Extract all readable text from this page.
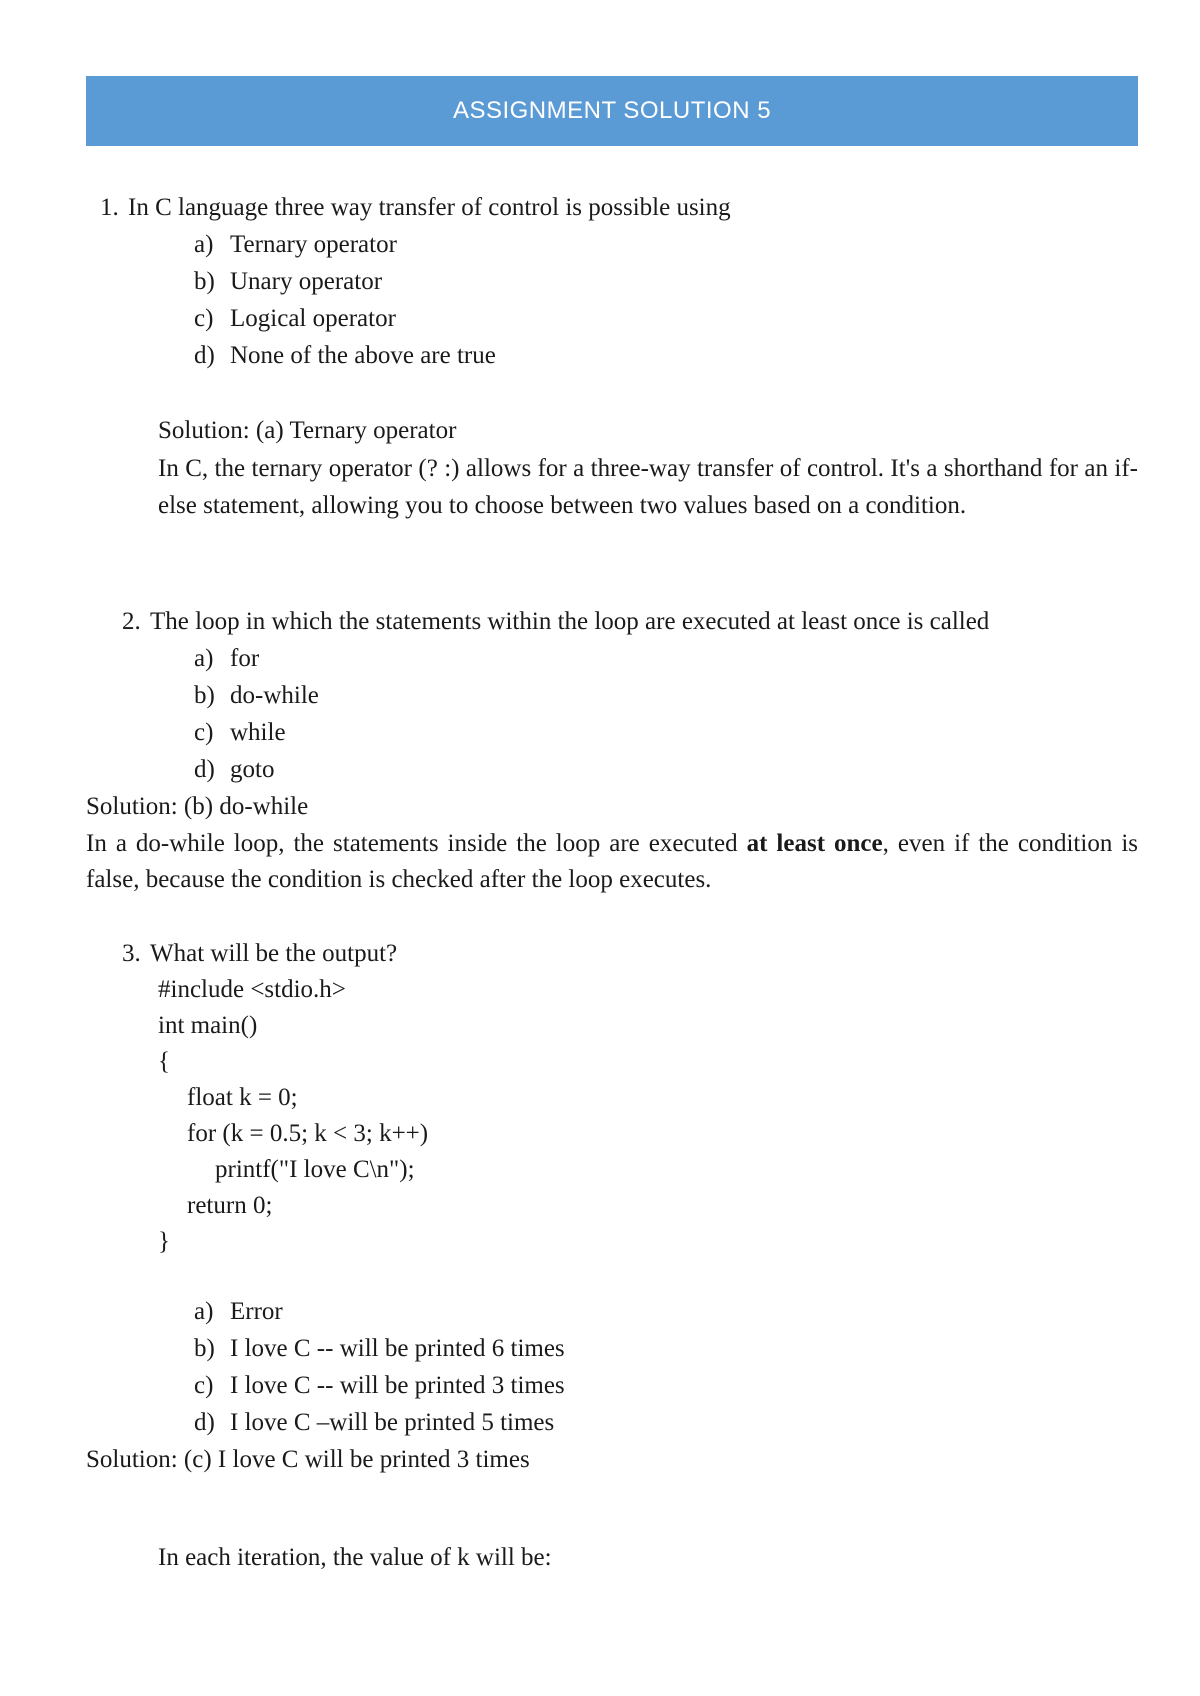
ASSIGNMENT SOLUTION 5
1. In C language three way transfer of control is possible using
a) Ternary operator
b) Unary operator
c) Logical operator
d) None of the above are true
Solution: (a) Ternary operator
In C, the ternary operator (? :) allows for a three-way transfer of control. It's a shorthand for an if-else statement, allowing you to choose between two values based on a condition.
2. The loop in which the statements within the loop are executed at least once is called
a) for
b) do-while
c) while
d) goto
Solution: (b) do-while
In a do-while loop, the statements inside the loop are executed at least once, even if the condition is false, because the condition is checked after the loop executes.
3. What will be the output?
#include <stdio.h>
int main()
{
float k = 0;
for (k = 0.5; k < 3; k++)
printf("I love C\n");
return 0;
}
a) Error
b) I love C -- will be printed 6 times
c) I love C -- will be printed 3 times
d) I love C –will be printed 5 times
Solution: (c) I love C will be printed 3 times
In each iteration, the value of k will be:
